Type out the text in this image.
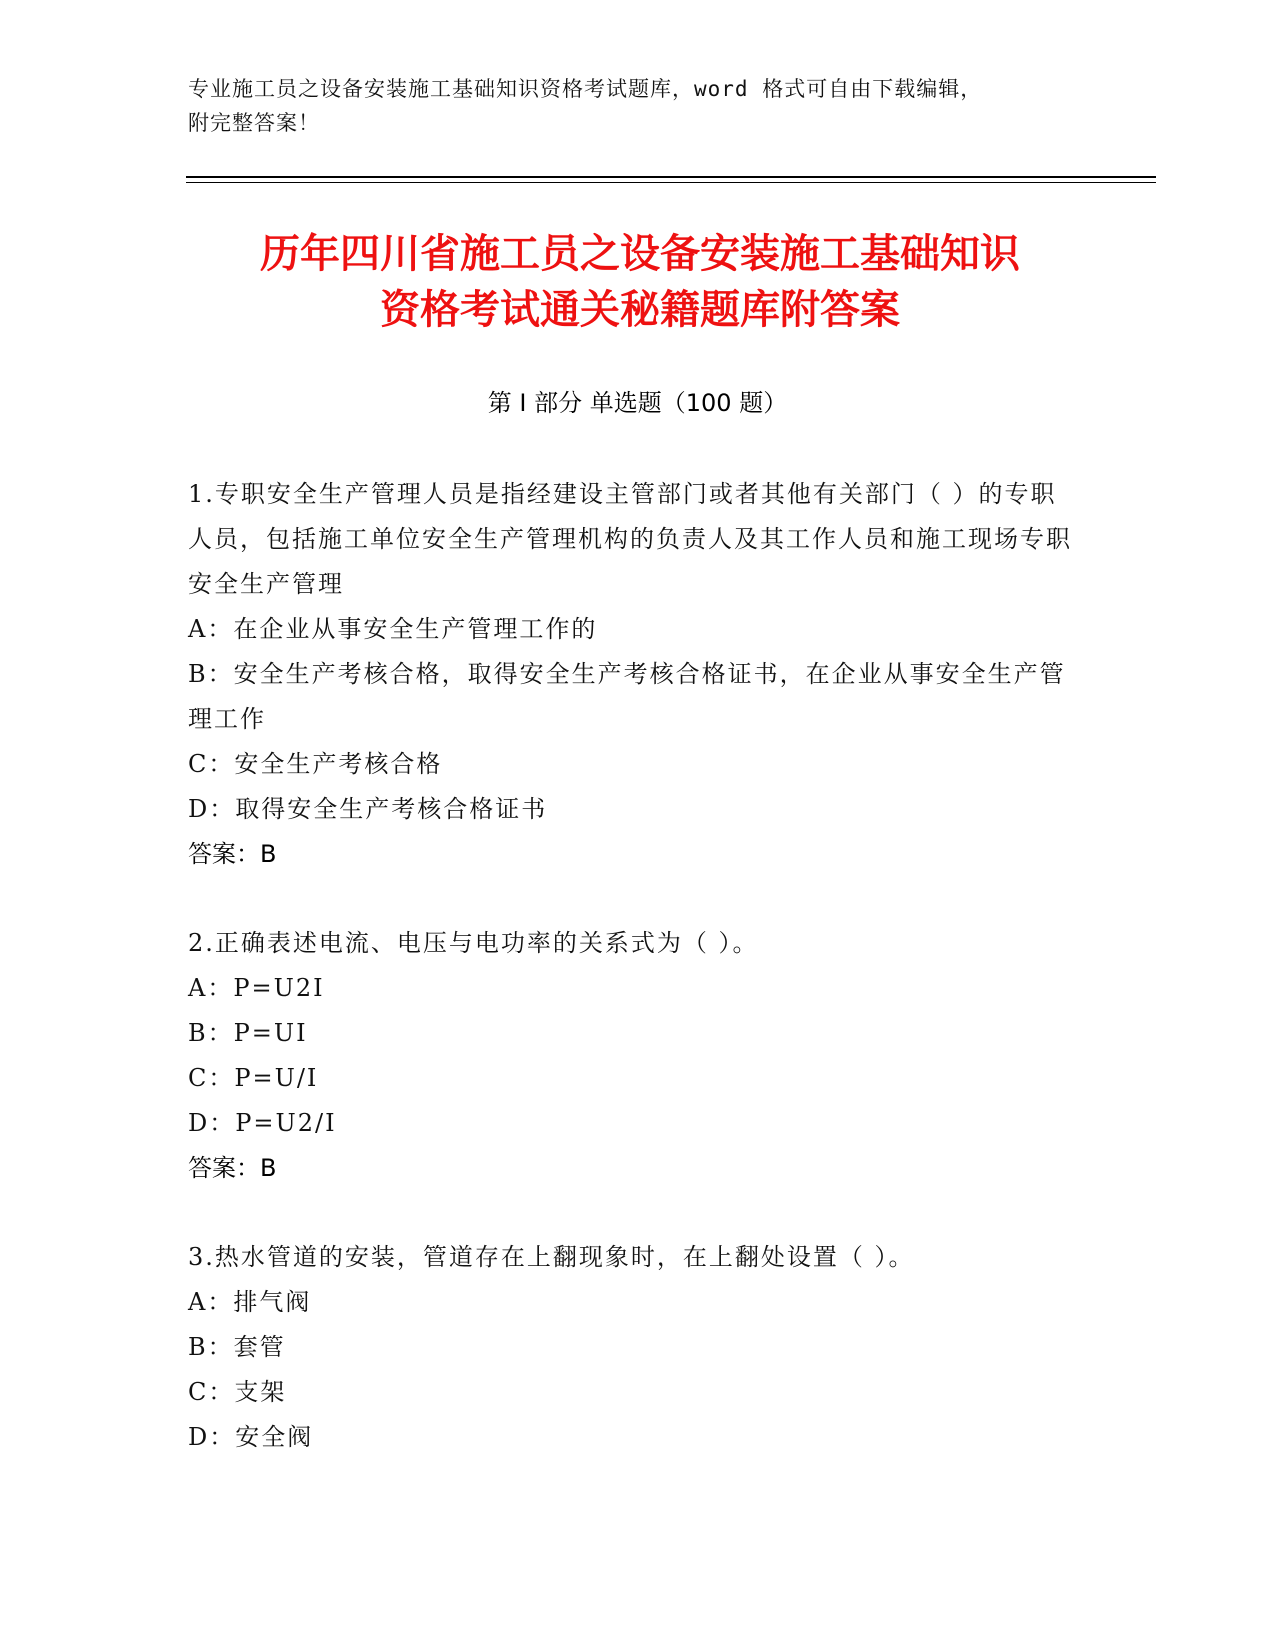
专业施工员之设备安装施工基础知识资格考试题库，word 格式可自由下载编辑，
附完整答案！
历年四川省施工员之设备安装施工基础知识
资格考试通关秘籍题库附答案
第 I 部分 单选题（100 题）

1.专职安全生产管理人员是指经建设主管部门或者其他有关部门（ ）的专职人员，包括施工单位安全生产管理机构的负责人及其工作人员和施工现场专职安全生产管理

A：在企业从事安全生产管理工作的

B：安全生产考核合格，取得安全生产考核合格证书，在企业从事安全生产管理工作

C：安全生产考核合格

D：取得安全生产考核合格证书

答案：B

2.正确表述电流、电压与电功率的关系式为（ ）。

A：P=U2I

B：P=UI

C：P=U/I

D：P=U2/I

答案：B

3.热水管道的安装，管道存在上翻现象时，在上翻处设置（ ）。

A：排气阀

B：套管

C：支架

D：安全阀
